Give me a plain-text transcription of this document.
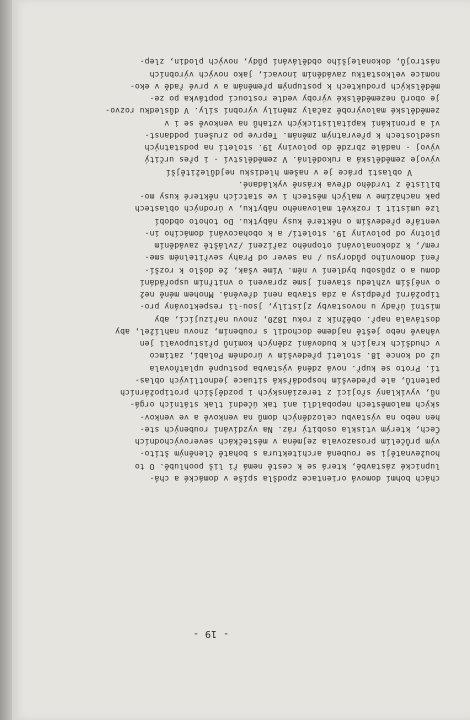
chách bohmí domová orientace zpodšla spíše v domácké a chá-
lupnické zástavbě, která se k cestě nemá ři liš poohlubě. O to
houževnatěji se roubená architektura s bohatě členěným štíto-
vým průčelím prosazovala zejména v městečkách severovýchodních
Čech, kterým vtiskla osobitý ráz. Na vyzdívání roubených ste-
hen nebo na výstavbu celozděných domů na venkově a ve venkov-
ských maloměstech nepobaldli ani tak účední tlak státních orgá-
nů, vyvíklaný sřojicí z tereziánských i pozdějších protipožárních
patentů, ale především hospodářská situace jednotlivých oblas-
tí. Proto se kupř. nová zděná výstavba postupně uplatňovala
už od konce 18. století především v úrodném Polabí, zatímco
v chudších krajích k budování zděných komínů přistupovali jen
váhavě nebo ještě najdeme dochodil s roubením, znovu nahlížel, aby
dostávala např. oběžník z roku 1820, znovu nařizující, aby
místní úřady u novostavby zjistily, jsou-li respektovány pro-
tipožární předpisy a zda stavba není dřevěná. Mnohem méně než
o vnějším vzhledu stavení jsme zpraveni o vnitřním uspořádání
domu a o způsobu bydlení v něm. Víme však, že došlo k rozší-
ření domovního půdorysu / na sever od Prahy sevřitelném sme-
rem/, k zdokonalování otopného zařízení /zvláště zaváděním
plotny od poloviny 19. století/ a k obohacování domácího in-
ventáře především o některé kusy nábytku. Do tohoto období
lze umístit i rozkvět malovaného nábytku, v úrodných oblastech
pak nacházíme v malých městech i ve statcích některé kusy mo-
bilistě z tvrdého dřeva krásně vykládané.
V oblasti práce je v našem hledisku nejdůležitější
vývoje zemědělská a rukodělná. V zemědělství - i přes určitý
vývoj - nadále zbrzdě do poloviny 19. století na podstatných
usedlostech k převratným změnám. Teprve po zrušení poddanst-
ví a pronikání kapitalistických vztahů na venkově se i v
zemědělské malovýrobě začaly změnily výrobní síly. V důsledku rozvo-
je oborů nezemědělské výroby vedle rostoucí poptávka po ze-
mědělských produktech k postupným přeměnám a v prvé řadě v eko-
nomice velkostatku zaváděním inovací, jako nových výrobních
nástrojů, dokonalejšího obdělávání půdy, nových plodin, zlep-
- 19 -
